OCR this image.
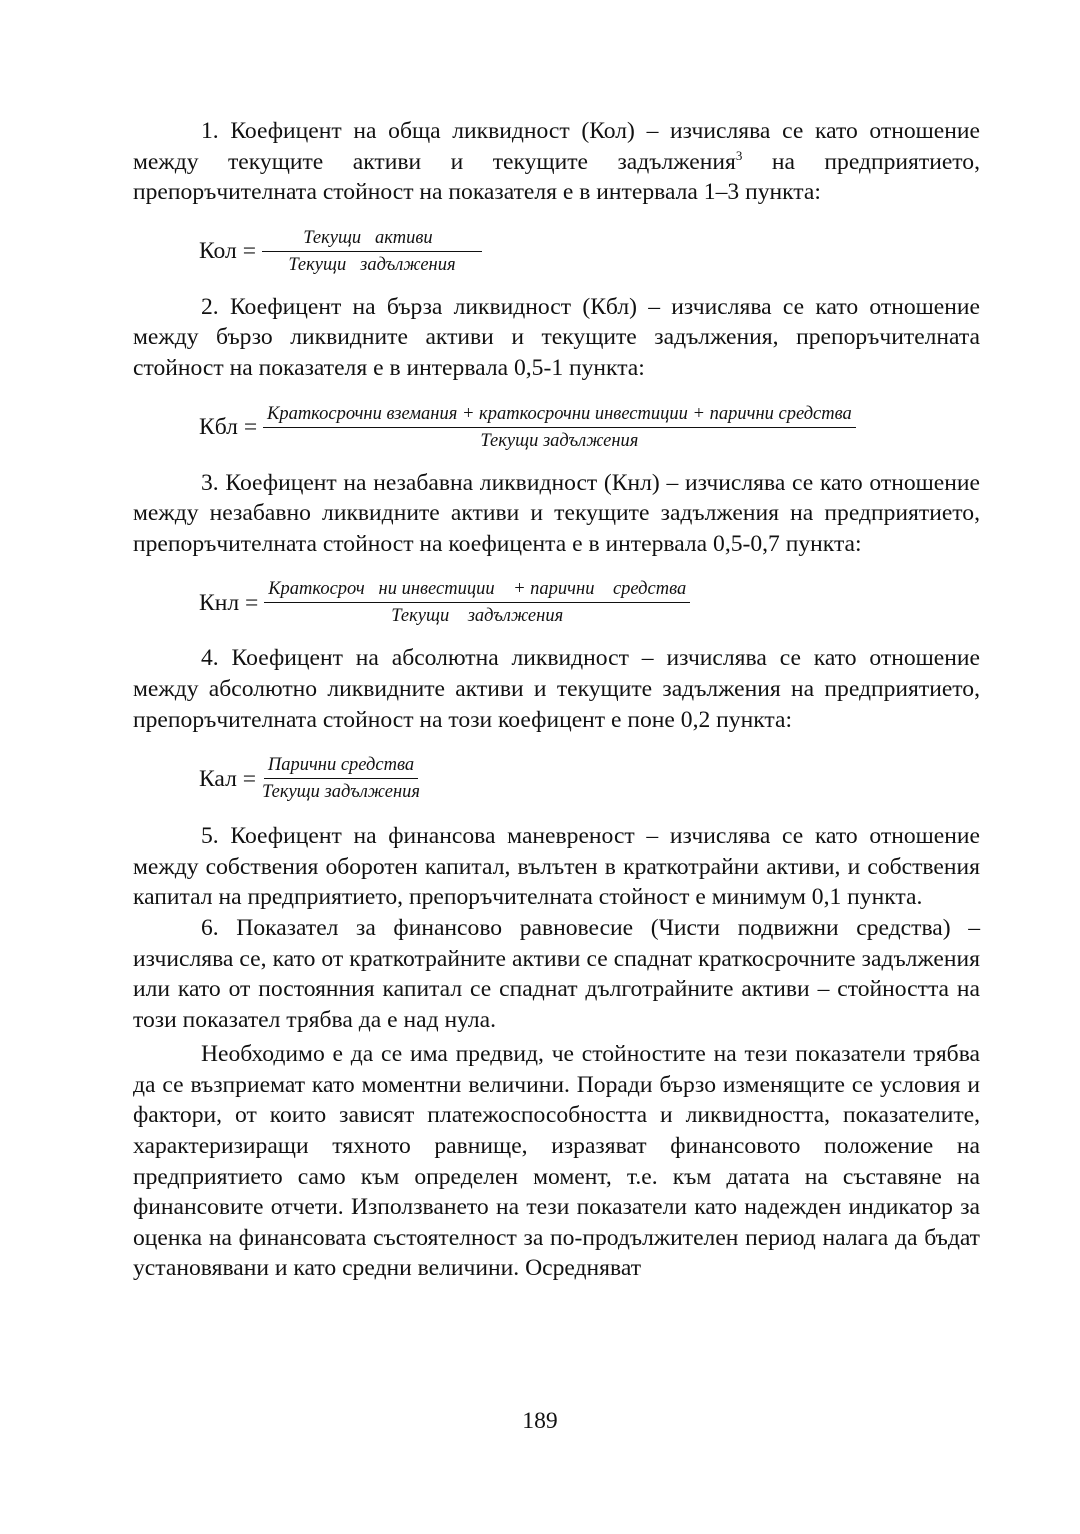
1. Коефицент на обща ликвидност (Кол) – изчислява се като отношение между текущите активи и текущите задължения$^3$ на предприятието, препоръчителната стойност на показателя е в интервала 1–3 пункта:

Кол = $\frac{\text{Текущи   активи}}{\text{Текущи   задължения}}$

2. Коефицент на бърза ликвидност (Кбл) – изчислява се като отношение между бързо ликвидните активи и текущите задължения, препоръчителната стойност на показателя е в интервала 0,5-1 пункта:

Кбл =
Краткосрочни вземания + краткосрочни инвестиции + парични средства
Текущи задължения

3. Коефицент на незабавна ликвидност (Кнл) – изчислява се като отношение между незабавно ликвидните активи и текущите задължения на предприятието, препоръчителната стойност на коефицента е в интервала 0,5-0,7 пункта:

Кнл = $\frac{\text{Краткосроч   ни инвестиции    + парични    средства}}{\text{Текущи    задължения}}$

4. Коефицент на абсолютна ликвидност – изчислява се като отношение между абсолютно ликвидните активи и текущите задължения на предприятието, препоръчителната стойност на този коефицент е поне 0,2 пункта:

Кал = $\frac{\text{Парични средства}}{\text{Текущи задължения}}$

5. Коефицент на финансова маневреност – изчислява се като отношение между собствения оборотен капитал, вълътен в краткотрайни активи, и собствения капитал на предприятието, препоръчителната стойност е минимум 0,1 пункта.

6. Показател за финансово равновесие (Чисти подвижни средства) – изчислява се, като от краткотрайните активи се спаднат краткосрочните задължения или като от постоянния капитал се спаднат дълготрайните активи – стойността на този показател трябва да е над нула.

Необходимо е да се има предвид, че стойностите на тези показатели трябва да се възприемат като моментни величини. Поради бързо изменящите се условия и фактори, от които зависят платежоспособността и ликвидността, показателите, характеризиращи тяхното равнище, изразяват финансовото положение на предприятието само към определен момент, т.е. към датата на съставяне на финансовите отчети. Използването на тези показатели като надежден индикатор за оценка на финансовата състоятелност за по-продължителен период налага да бъдат установявани и като средни величини. Осредняват

189
